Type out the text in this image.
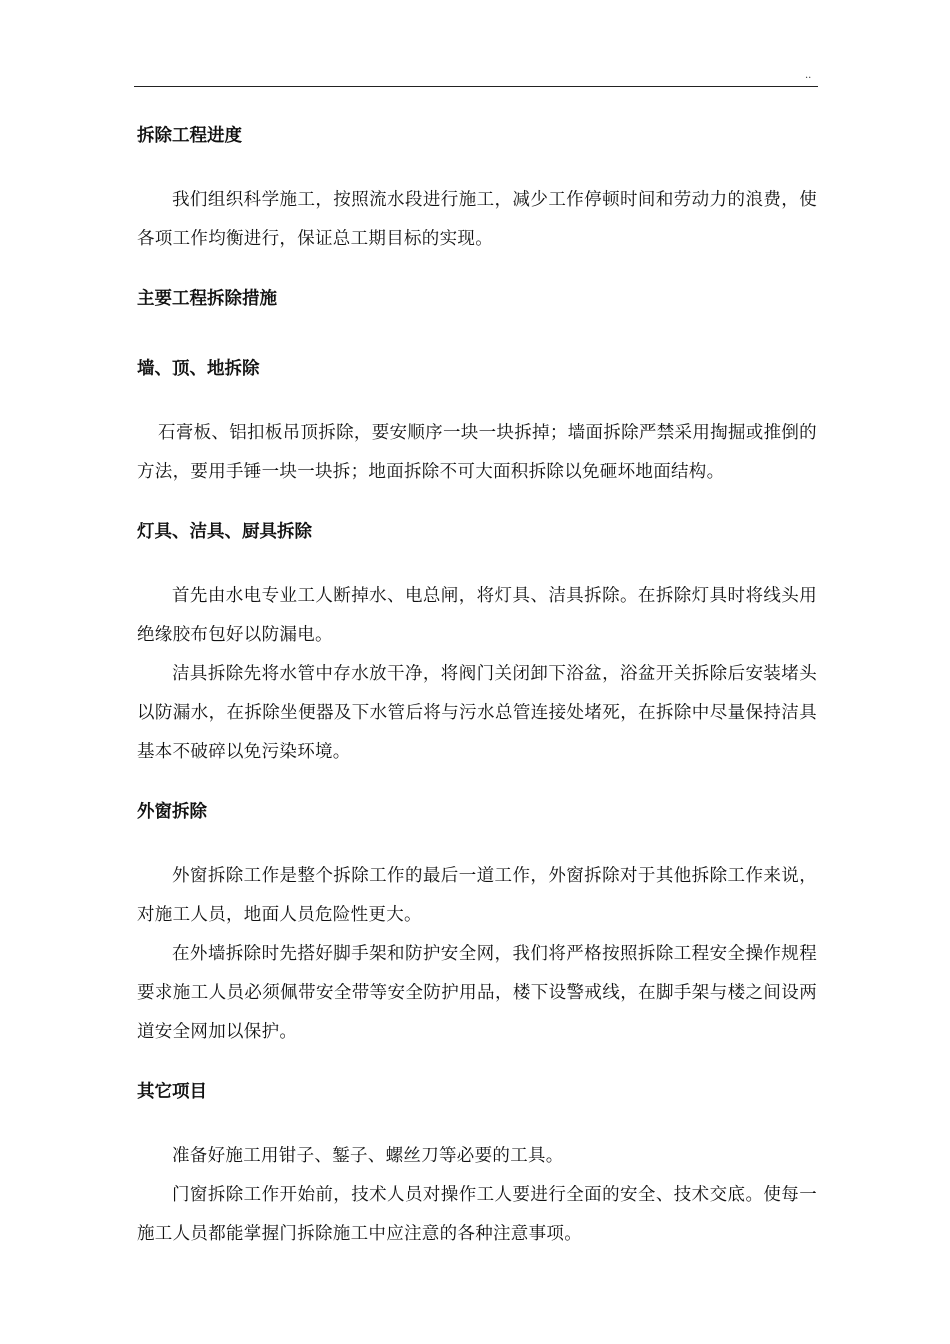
..
拆除工程进度

我们组织科学施工，按照流水段进行施工，减少工作停顿时间和劳动力的浪费，使各项工作均衡进行，保证总工期目标的实现。

主要工程拆除措施
墙、顶、地拆除

石膏板、铝扣板吊顶拆除，要安顺序一块一块拆掉；墙面拆除严禁采用掏掘或推倒的方法，要用手锤一块一块拆；地面拆除不可大面积拆除以免砸坏地面结构。

灯具、洁具、厨具拆除

首先由水电专业工人断掉水、电总闸，将灯具、洁具拆除。在拆除灯具时将线头用绝缘胶布包好以防漏电。

洁具拆除先将水管中存水放干净，将阀门关闭卸下浴盆，浴盆开关拆除后安装堵头以防漏水，在拆除坐便器及下水管后将与污水总管连接处堵死，在拆除中尽量保持洁具基本不破碎以免污染环境。

外窗拆除

外窗拆除工作是整个拆除工作的最后一道工作，外窗拆除对于其他拆除工作来说，对施工人员，地面人员危险性更大。

在外墙拆除时先搭好脚手架和防护安全网，我们将严格按照拆除工程安全操作规程要求施工人员必须佩带安全带等安全防护用品，楼下设警戒线，在脚手架与楼之间设两道安全网加以保护。

其它项目

准备好施工用钳子、錾子、螺丝刀等必要的工具。

门窗拆除工作开始前，技术人员对操作工人要进行全面的安全、技术交底。使每一施工人员都能掌握门拆除施工中应注意的各种注意事项。
